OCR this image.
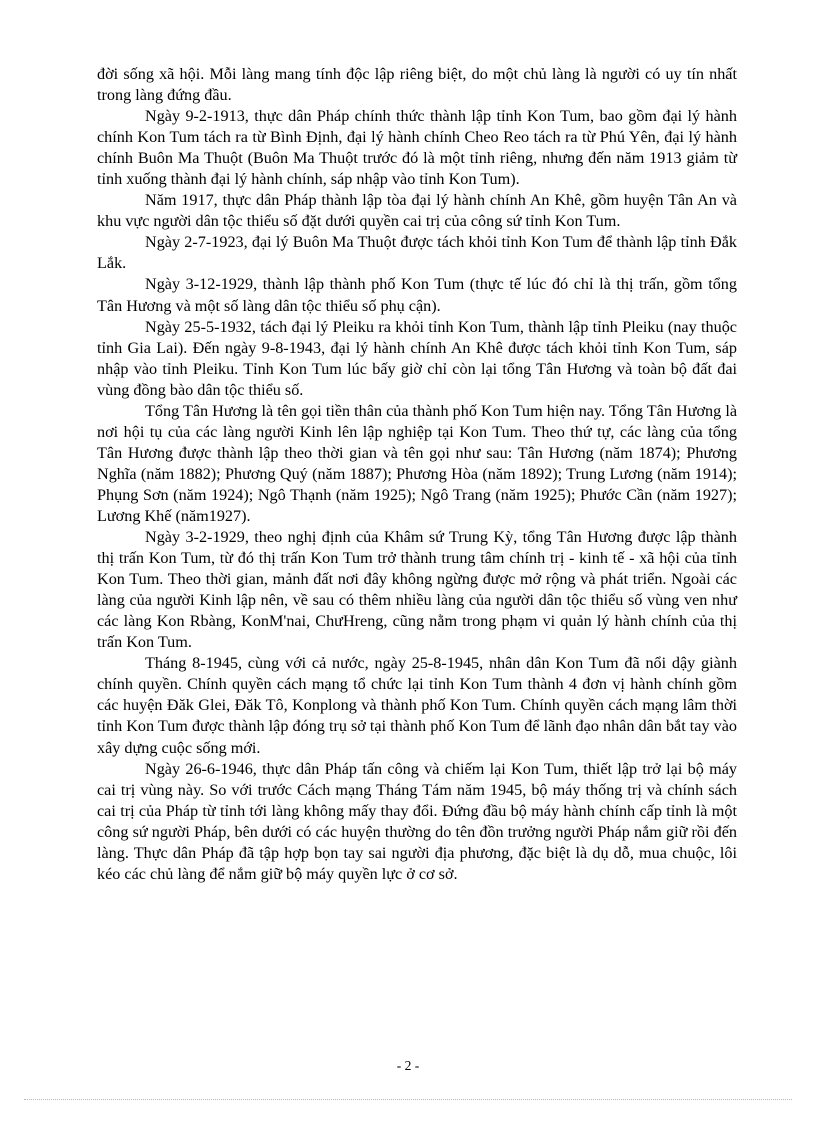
đời sống xã hội. Mỗi làng mang tính độc lập riêng biệt, do một chủ làng là người có uy tín nhất trong làng đứng đầu.

Ngày 9-2-1913, thực dân Pháp chính thức thành lập tỉnh Kon Tum, bao gồm đại lý hành chính Kon Tum tách ra từ Bình Định, đại lý hành chính Cheo Reo tách ra từ Phú Yên, đại lý hành chính Buôn Ma Thuột (Buôn Ma Thuột trước đó là một tỉnh riêng, nhưng đến năm 1913 giảm từ tỉnh xuống thành đại lý hành chính, sáp nhập vào tỉnh Kon Tum).

Năm 1917, thực dân Pháp thành lập tòa đại lý hành chính An Khê, gồm huyện Tân An và khu vực người dân tộc thiểu số đặt dưới quyền cai trị của công sứ tỉnh Kon Tum.

Ngày 2-7-1923, đại lý Buôn Ma Thuột được tách khỏi tỉnh Kon Tum để thành lập tỉnh Đắk Lắk.

Ngày 3-12-1929, thành lập thành phố Kon Tum (thực tế lúc đó chỉ là thị trấn, gồm tổng Tân Hương và một số làng dân tộc thiểu số phụ cận).

Ngày 25-5-1932, tách đại lý Pleiku ra khỏi tỉnh Kon Tum, thành lập tỉnh Pleiku (nay thuộc tỉnh Gia Lai). Đến ngày 9-8-1943, đại lý hành chính An Khê được tách khỏi tỉnh Kon Tum, sáp nhập vào tỉnh Pleiku. Tỉnh Kon Tum lúc bấy giờ chỉ còn lại tổng Tân Hương và toàn bộ đất đai vùng đồng bào dân tộc thiểu số.

Tổng Tân Hương là tên gọi tiền thân của thành phố Kon Tum hiện nay. Tổng Tân Hương là nơi hội tụ của các làng người Kinh lên lập nghiệp tại Kon Tum. Theo thứ tự, các làng của tổng Tân Hương được thành lập theo thời gian và tên gọi như sau: Tân Hương (năm 1874); Phương Nghĩa (năm 1882); Phương Quý (năm 1887); Phương Hòa (năm 1892); Trung Lương (năm 1914); Phụng Sơn (năm 1924); Ngô Thạnh (năm 1925); Ngô Trang (năm 1925); Phước Cần (năm 1927); Lương Khế (năm1927).

Ngày 3-2-1929, theo nghị định của Khâm sứ Trung Kỳ, tổng Tân Hương được lập thành thị trấn Kon Tum, từ đó thị trấn Kon Tum trở thành trung tâm chính trị - kinh tế - xã hội của tỉnh Kon Tum. Theo thời gian, mảnh đất nơi đây không ngừng được mở rộng và phát triển. Ngoài các làng của người Kinh lập nên, về sau có thêm nhiều làng của người dân tộc thiểu số vùng ven như các làng Kon Rbàng, KonM'nai, ChưHreng, cũng nằm trong phạm vi quản lý hành chính của thị trấn Kon Tum.

Tháng 8-1945, cùng với cả nước, ngày 25-8-1945, nhân dân Kon Tum đã nổi dậy giành chính quyền. Chính quyền cách mạng tổ chức lại tỉnh Kon Tum thành 4 đơn vị hành chính gồm các huyện Đăk Glei, Đăk Tô, Konplong và thành phố Kon Tum. Chính quyền cách mạng lâm thời tỉnh Kon Tum được thành lập đóng trụ sở tại thành phố Kon Tum để lãnh đạo nhân dân bắt tay vào xây dựng cuộc sống mới.

Ngày 26-6-1946, thực dân Pháp tấn công và chiếm lại Kon Tum, thiết lập trở lại bộ máy cai trị vùng này. So với trước Cách mạng Tháng Tám năm 1945, bộ máy thống trị và chính sách cai trị của Pháp từ tỉnh tới làng không mấy thay đổi. Đứng đầu bộ máy hành chính cấp tỉnh là một công sứ người Pháp, bên dưới có các huyện thường do tên đồn trưởng người Pháp nắm giữ rồi đến làng. Thực dân Pháp đã tập hợp bọn tay sai người địa phương, đặc biệt là dụ dỗ, mua chuộc, lôi kéo các chủ làng để nắm giữ bộ máy quyền lực ở cơ sở.

- 2 -
